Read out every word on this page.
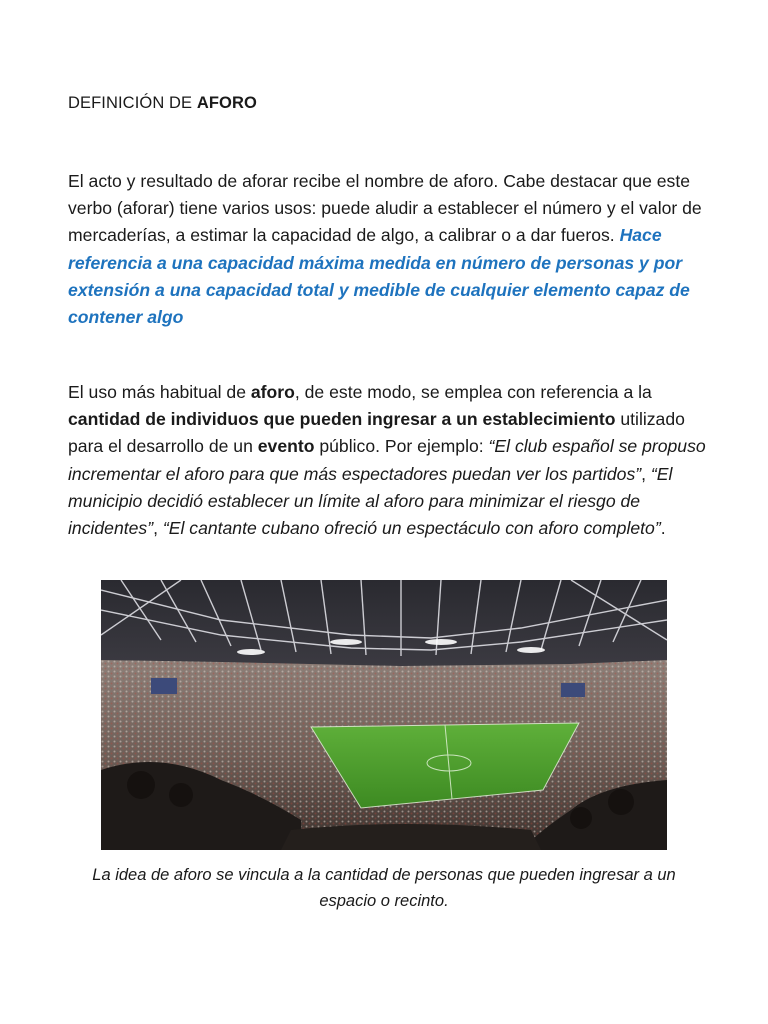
DEFINICIÓN DE AFORO
El acto y resultado de aforar recibe el nombre de aforo. Cabe destacar que este verbo (aforar) tiene varios usos: puede aludir a establecer el número y el valor de mercaderías, a estimar la capacidad de algo, a calibrar o a dar fueros. Hace referencia a una capacidad máxima medida en número de personas y por extensión a una capacidad total y medible de cualquier elemento capaz de contener algo
El uso más habitual de aforo, de este modo, se emplea con referencia a la cantidad de individuos que pueden ingresar a un establecimiento utilizado para el desarrollo de un evento público. Por ejemplo: “El club español se propuso incrementar el aforo para que más espectadores puedan ver los partidos”, “El municipio decidió establecer un límite al aforo para minimizar el riesgo de incidentes”, “El cantante cubano ofreció un espectáculo con aforo completo”.
La idea de aforo se vincula a la cantidad de personas que pueden ingresar a un espacio o recinto.
